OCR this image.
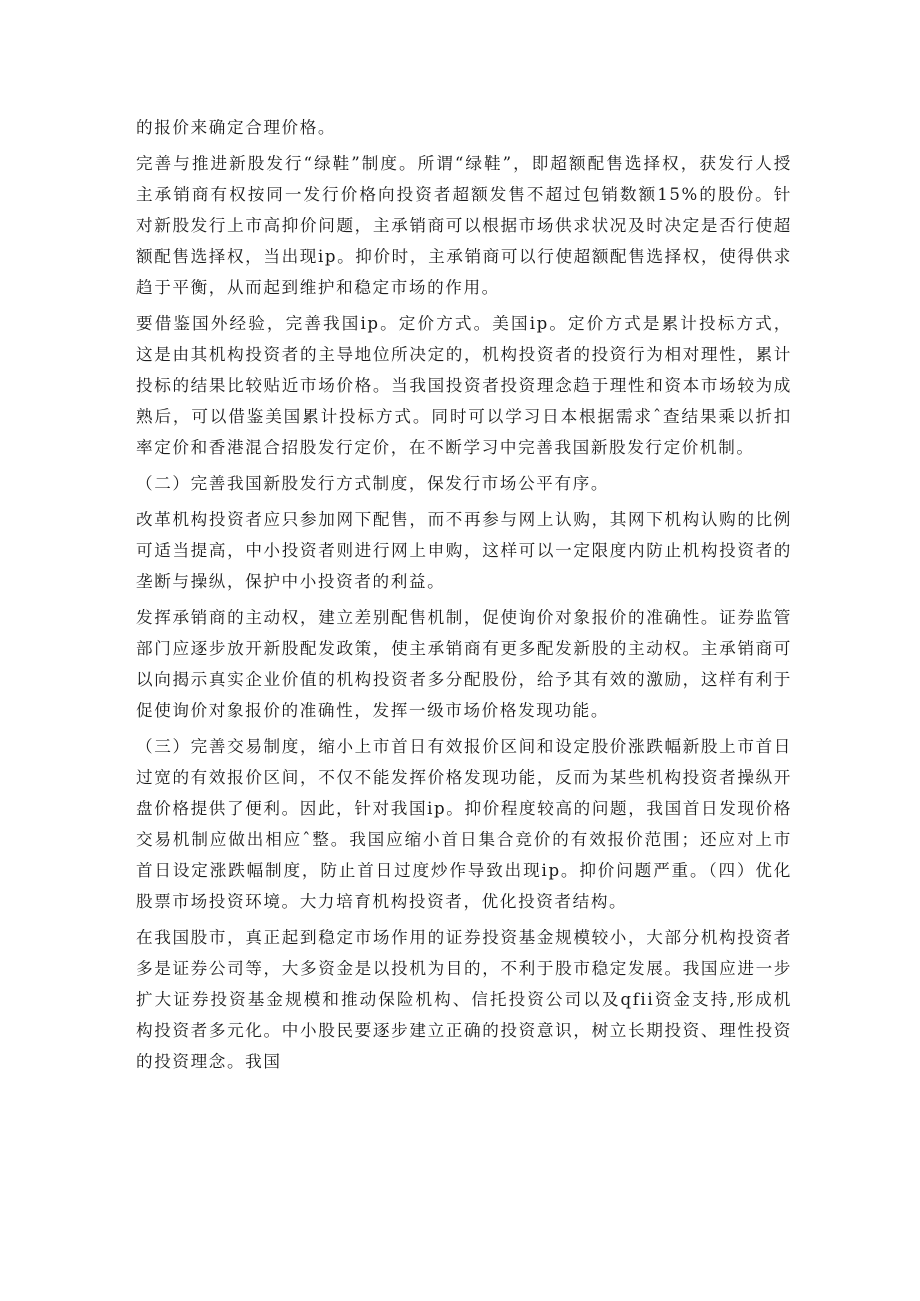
的报价来确定合理价格。

完善与推进新股发行“绿鞋”制度。所谓“绿鞋”，即超额配售选择权，获发行人授主承销商有权按同一发行价格向投资者超额发售不超过包销数额15%的股份。针对新股发行上市高抑价问题，主承销商可以根据市场供求状况及时决定是否行使超额配售选择权，当出现ip。抑价时，主承销商可以行使超额配售选择权，使得供求趋于平衡，从而起到维护和稳定市场的作用。

要借鉴国外经验，完善我国ip。定价方式。美国ip。定价方式是累计投标方式，这是由其机构投资者的主导地位所决定的，机构投资者的投资行为相对理性，累计投标的结果比较贴近市场价格。当我国投资者投资理念趋于理性和资本市场较为成熟后，可以借鉴美国累计投标方式。同时可以学习日本根据需求ˆ查结果乘以折扣率定价和香港混合招股发行定价，在不断学习中完善我国新股发行定价机制。

（二）完善我国新股发行方式制度，保发行市场公平有序。

改革机构投资者应只参加网下配售，而不再参与网上认购，其网下机构认购的比例可适当提高，中小投资者则进行网上申购，这样可以一定限度内防止机构投资者的垄断与操纵，保护中小投资者的利益。

发挥承销商的主动权，建立差别配售机制，促使询价对象报价的准确性。证券监管部门应逐步放开新股配发政策，使主承销商有更多配发新股的主动权。主承销商可以向揭示真实企业价值的机构投资者多分配股份，给予其有效的激励，这样有利于促使询价对象报价的准确性，发挥一级市场价格发现功能。

（三）完善交易制度，缩小上市首日有效报价区间和设定股价涨跌幅新股上市首日过宽的有效报价区间，不仅不能发挥价格发现功能，反而为某些机构投资者操纵开盘价格提供了便利。因此，针对我国ip。抑价程度较高的问题，我国首日发现价格交易机制应做出相应ˆ整。我国应缩小首日集合竞价的有效报价范围；还应对上市首日设定涨跌幅制度，防止首日过度炒作导致出现ip。抑价问题严重。（四）优化股票市场投资环境。大力培育机构投资者，优化投资者结构。

在我国股市，真正起到稳定市场作用的证券投资基金规模较小，大部分机构投资者多是证券公司等，大多资金是以投机为目的，不利于股市稳定发展。我国应进一步扩大证券投资基金规模和推动保险机构、信托投资公司以及qfii资金支持,形成机构投资者多元化。中小股民要逐步建立正确的投资意识，树立长期投资、理性投资的投资理念。我国
